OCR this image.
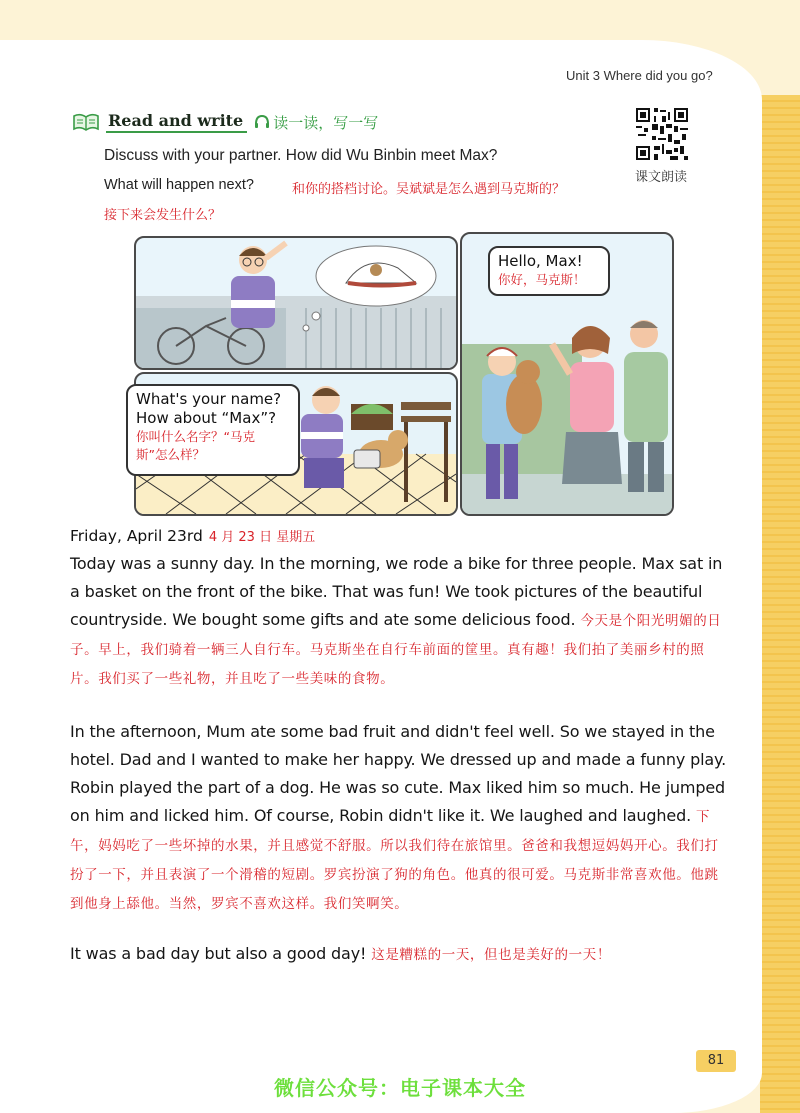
Unit 3 Where did you go?
Read and write 读一读，写一写
课文朗读
Discuss with your partner. How did Wu Binbin meet Max?
What will happen next?	和你的搭档讨论。吴斌斌是怎么遇到马克斯的？
接下来会发生什么？
What's your name?
How about “Max”?
你叫什么名字？“马克
斯”怎么样？
Hello, Max!
你好，马克斯！
Friday, April 23rd 4 月 23 日 星期五
Today was a sunny day. In the morning, we rode a bike for three people. Max sat in a basket on the front of the bike. That was fun! We took pictures of the beautiful countryside. We bought some gifts and ate some delicious food. 今天是个阳光明媚的日子。早上，我们骑着一辆三人自行车。马克斯坐在自行车前面的筐里。真有趣！我们拍了美丽乡村的照片。我们买了一些礼物，并且吃了一些美味的食物。
In the afternoon, Mum ate some bad fruit and didn't feel well. So we stayed in the hotel. Dad and I wanted to make her happy. We dressed up and made a funny play. Robin played the part of a dog. He was so cute. Max liked him so much. He jumped on him and licked him. Of course, Robin didn't like it. We laughed and laughed. 下午，妈妈吃了一些坏掉的水果，并且感觉不舒服。所以我们待在旅馆里。爸爸和我想逗妈妈开心。我们打扮了一下，并且表演了一个滑稽的短剧。罗宾扮演了狗的角色。他真的很可爱。马克斯非常喜欢他。他跳到他身上舔他。当然，罗宾不喜欢这样。我们笑啊笑。
It was a bad day but also a good day! 这是糟糕的一天，但也是美好的一天！
81
微信公众号：电子课本大全
